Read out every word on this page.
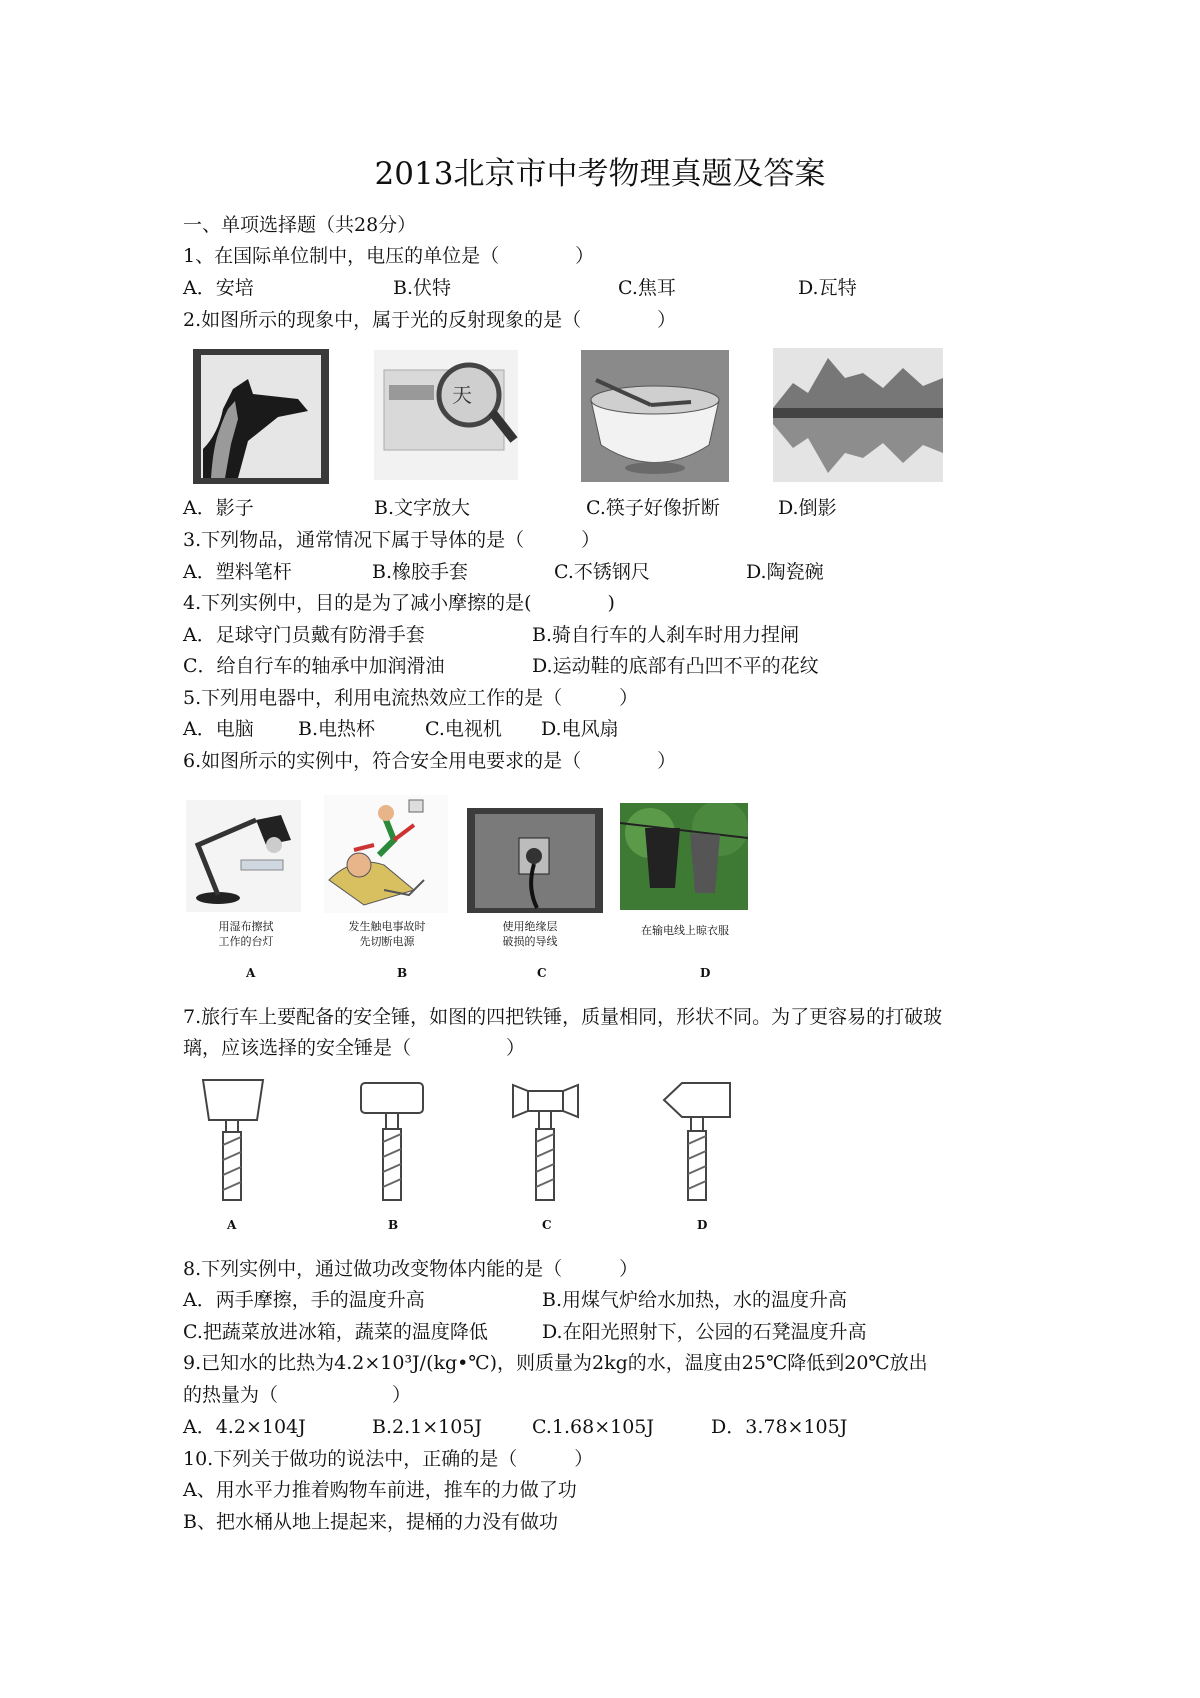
2013北京市中考物理真题及答案
一、单项选择题（共28分）
1、在国际单位制中，电压的单位是（　　　　）
A．安培	B.伏特	C.焦耳	D.瓦特
2.如图所示的现象中，属于光的反射现象的是（　　　　）
天
A．影子	B.文字放大	C.筷子好像折断	D.倒影
3.下列物品，通常情况下属于导体的是（　　　）
A．塑料笔杆	B.橡胶手套	C.不锈钢尺	D.陶瓷碗
4.下列实例中，目的是为了减小摩擦的是(　　　　)
A．足球守门员戴有防滑手套	B.骑自行车的人刹车时用力捏闸
C．给自行车的轴承中加润滑油	D.运动鞋的底部有凸凹不平的花纹
5.下列用电器中，利用电流热效应工作的是（　　　）
A．电脑 B.电热杯	C.电视机 D.电风扇
6.如图所示的实例中，符合安全用电要求的是（　　　　）
用湿布擦拭
工作的台灯
发生触电事故时
先切断电源
使用绝缘层
破损的导线
在输电线上晾衣服
A	B	C	D
7.旅行车上要配备的安全锤，如图的四把铁锤，质量相同，形状不同。为了更容易的打破玻
璃，应该选择的安全锤是（　　　　　）
A	B	C	D
8.下列实例中，通过做功改变物体内能的是（　　　）
A．两手摩擦，手的温度升高	B.用煤气炉给水加热，水的温度升高
C.把蔬菜放进冰箱，蔬菜的温度降低	D.在阳光照射下，公园的石凳温度升高
9.已知水的比热为4.2×10³J/(kg•℃)，则质量为2kg的水，温度由25℃降低到20℃放出
的热量为（　　　　　　）
A．4.2×104J	B.2.1×105J	C.1.68×105J	D．3.78×105J
10.下列关于做功的说法中，正确的是（　　　）
A、用水平力推着购物车前进，推车的力做了功
B、把水桶从地上提起来，提桶的力没有做功
